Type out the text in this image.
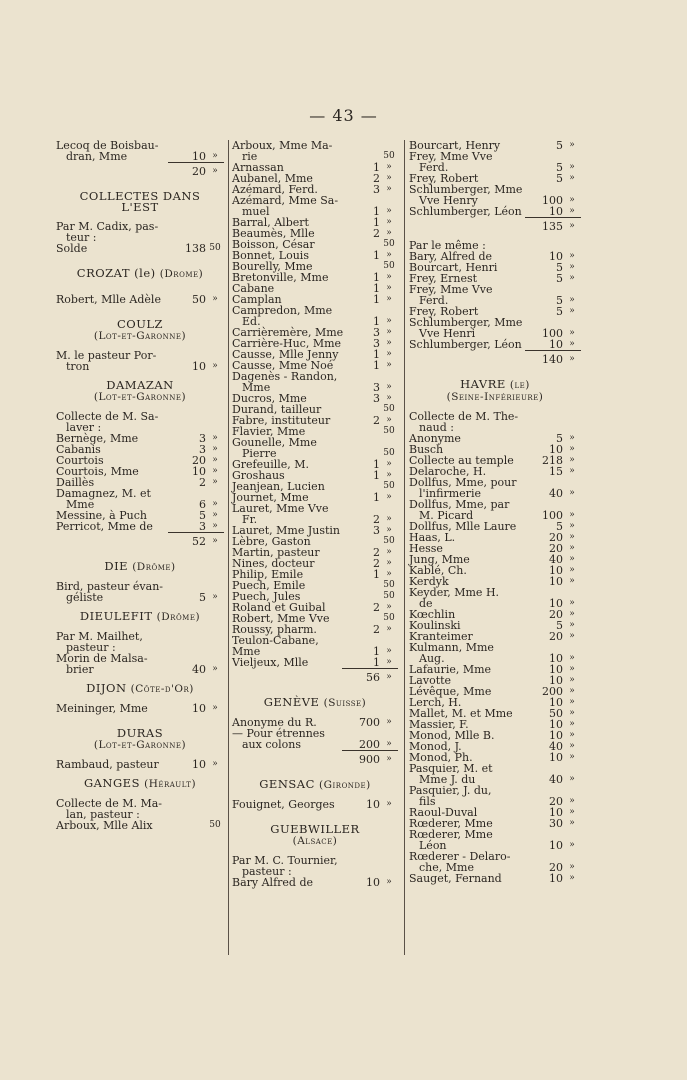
— 43 —
Lecoq de Boisbau-
dran, Mme	10 »
20 »
COLLECTES DANS
L'EST
Par M. Cadix, pas-
teur :
Solde	138 50
CROZAT (le) (Drome)
Robert, Mlle Adèle	50 »
COULZ
(Lot-et-Garonne)
M. le pasteur Por-
tron	10 »
DAMAZAN
(Lot-et-Garonne)
Collecte de M. Sa-
laver :
Bernège, Mme	3 »
Cabanis	3 »
Courtois	20 »
Courtois, Mme	10 »
Daillès	2 »
Damagnez, M. et
Mme	6 »
Messine, à Puch	5 »
Perricot, Mme de	3 »
52 »
DIE (Drôme)
Bird, pasteur évan-
géliste	5 »
DIEULEFIT (Drôme)
Par M. Mailhet,
pasteur :
Morin de Malsa-
brier	40 »
DIJON (Côte-d'Or)
Meininger, Mme	10 »
DURAS
(Lot-et-Garonne)
Rambaud, pasteur	10 »
GANGES (Hérault)
Collecte de M. Ma-
lan, pasteur :
Arboux, Mlle Alix	50
Arboux, Mme Ma-
rie	50
Arnassan	1 »
Aubanel, Mme	2 »
Azémard, Ferd.	3 »
Azémard, Mme Sa-
muel	1 »
Barral, Albert	1 »
Beaumès, Mlle	2 »
Boisson, César	50
Bonnet, Louis	1 »
Bourelly, Mme	50
Bretonville, Mme	1 »
Cabane	1 »
Camplan	1 »
Campredon, Mme
Ed.	1 »
Carrièremère, Mme	3 »
Carrière-Huc, Mme	3 »
Causse, Mlle Jenny	1 »
Causse, Mme Noé	1 »
Dagenès - Randon,
Mme	3 »
Ducros, Mme	3 »
Durand, tailleur	50
Fabre, instituteur	2 »
Flavier, Mme	50
Gounelle, Mme
Pierre	50
Grefeuille, M.	1 »
Groshaus	1 »
Jeanjean, Lucien	50
Journet, Mme	1 »
Lauret, Mme Vve
Fr.	2 »
Lauret, Mme Justin	3 »
Lèbre, Gaston	50
Martin, pasteur	2 »
Nines, docteur	2 »
Philip, Emile	1 »
Puech, Emile	50
Puech, Jules	50
Roland et Guibal	2 »
Robert, Mme Vve	50
Roussy, pharm.	2 »
Teulon-Cabane, Mme	1 »
Vieljeux, Mlle	1 »
56 »
GENÈVE (Suisse)
Anonyme du R.	700 »
— Pour étrennes
aux colons	200 »
900 »
GENSAC (Gironde)
Fouignet, Georges	10 »
GUEBWILLER
(Alsace)
Par M. C. Tournier,
pasteur :
Bary Alfred de	10 »
Bourcart, Henry	5 »
Frey, Mme Vve
Ferd.	5 »
Frey, Robert	5 »
Schlumberger, Mme
Vve Henry	100 »
Schlumberger, Léon	10 »
135 »
Par le même :
Bary, Alfred de	10 »
Bourcart, Henri	5 »
Frey, Ernest	5 »
Frey, Mme Vve
Ferd.	5 »
Frey, Robert	5 »
Schlumberger, Mme
Vve Henri	100 »
Schlumberger, Léon	10 »
140 »
HAVRE (le)
(Seine-Inférieure)
Collecte de M. The-
naud :
Anonyme	5 »
Busch	10 »
Collecte au temple	218 »
Delaroche, H.	15 »
Dollfus, Mme, pour
l'infirmerie	40 »
Dollfus, Mme, par
M. Picard	100 »
Dollfus, Mlle Laure	5 »
Haas, L.	20 »
Hesse	20 »
Jung, Mme	40 »
Kablé, Ch.	10 »
Kerdyk	10 »
Keyder, Mme H.
de	10 »
Kœchlin	20 »
Koulinski	5 »
Kranteimer	20 »
Kulmann, Mme
Aug.	10 »
Lafaurie, Mme	10 »
Lavotte	10 »
Lévêque, Mme	200 »
Lerch, H.	10 »
Mallet, M. et Mme	50 »
Massier, F.	10 »
Monod, Mlle B.	10 »
Monod, J.	40 »
Monod, Ph.	10 »
Pasquier, M. et
Mme J. du	40 »
Pasquier, J. du,
fils	20 »
Raoul-Duval	10 »
Rœderer, Mme	30 »
Rœderer, Mme
Léon	10 »
Rœderer - Delaro-
che, Mme	20 »
Sauget, Fernand	10 »
